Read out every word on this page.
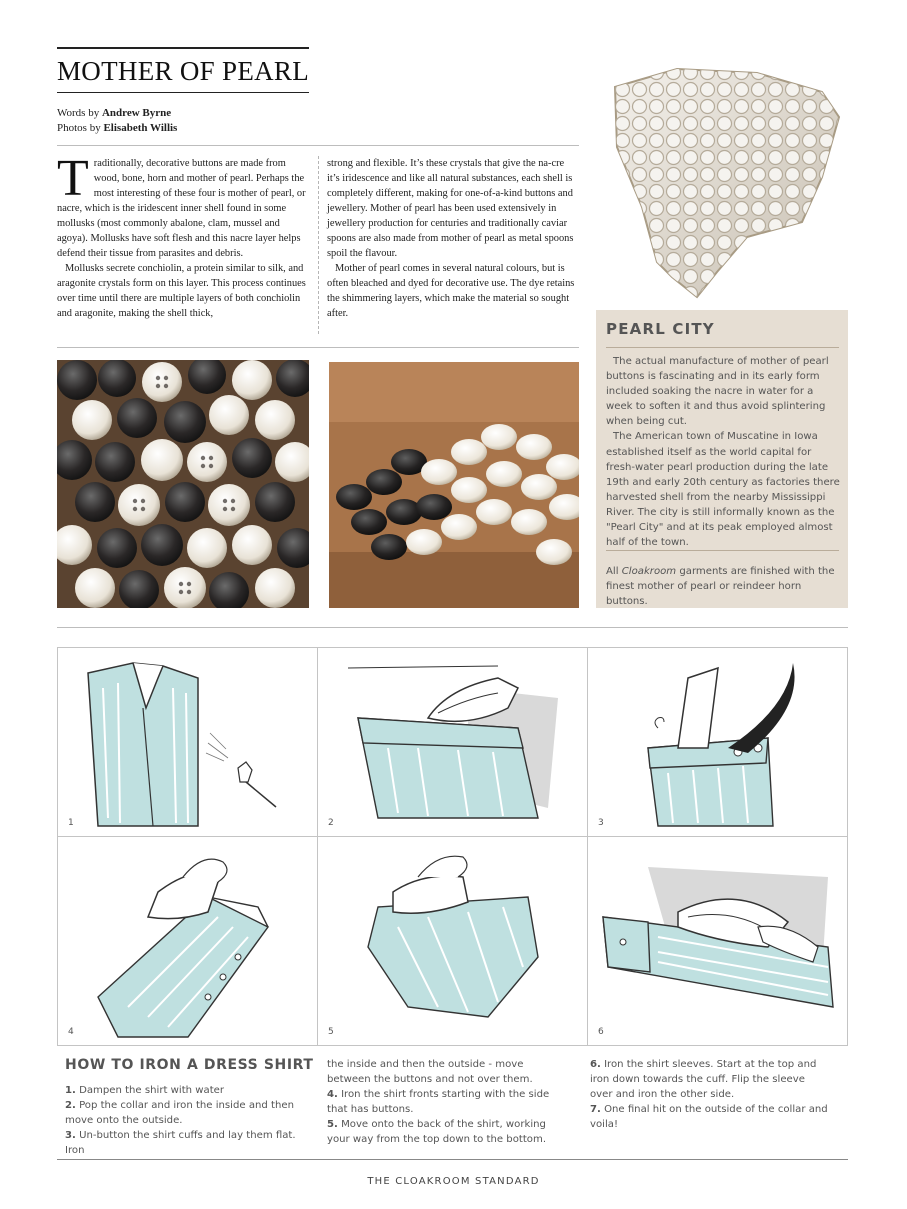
MOTHER OF PEARL
Words by Andrew Byrne
Photos by Elisabeth Willis

Traditionally, decorative buttons are made from wood, bone, horn and mother of pearl. Perhaps the most interesting of these four is mother of pearl, or nacre, which is the iridescent inner shell found in some mollusks (most commonly abalone, clam, mussel and agoya). Mollusks have soft flesh and this nacre layer helps defend their tissue from parasites and debris.

Mollusks secrete conchiolin, a protein similar to silk, and aragonite crystals form on this layer. This process continues over time until there are multiple layers of both conchiolin and aragonite, making the shell thick,

strong and flexible. It’s these crystals that give the na-cre it’s iridescence and like all natural substances, each shell is completely different, making for one-of-a-kind buttons and jewellery. Mother of pearl has been used extensively in jewellery production for centuries and traditionally caviar spoons are also made from mother of pearl as metal spoons spoil the flavour.

Mother of pearl comes in several natural colours, but is often bleached and dyed for decorative use. The dye retains the shimmering layers, which make the material so sought after.

PEARL CITY

The actual manufacture of mother of pearl buttons is fascinating and in its early form included soaking the nacre in water for a week to soften it and thus avoid splintering when being cut.

The American town of Muscatine in Iowa established itself as the world capital for fresh-water pearl production during the late 19th and early 20th century as factories there harvested shell from the nearby Mississippi River. The city is still informally known as the "Pearl City" and at its peak employed almost half of the town.

All Cloakroom garments are finished with the finest mother of pearl or reindeer horn buttons.
1	2	3
4	5	6
HOW TO IRON A DRESS SHIRT

1. Dampen the shirt with water

2. Pop the collar and iron the inside and then move onto the outside.

3. Un-button the shirt cuffs and lay them flat. Iron

the inside and then the outside - move between the buttons and not over them.

4. Iron the shirt fronts starting with the side that has buttons.

5. Move onto the back of the shirt, working your way from the top down to the bottom.

6. Iron the shirt sleeves. Start at the top and iron down towards the cuff. Flip the sleeve over and iron the other side.

7. One final hit on the outside of the collar and voila!

THE CLOAKROOM STANDARD
